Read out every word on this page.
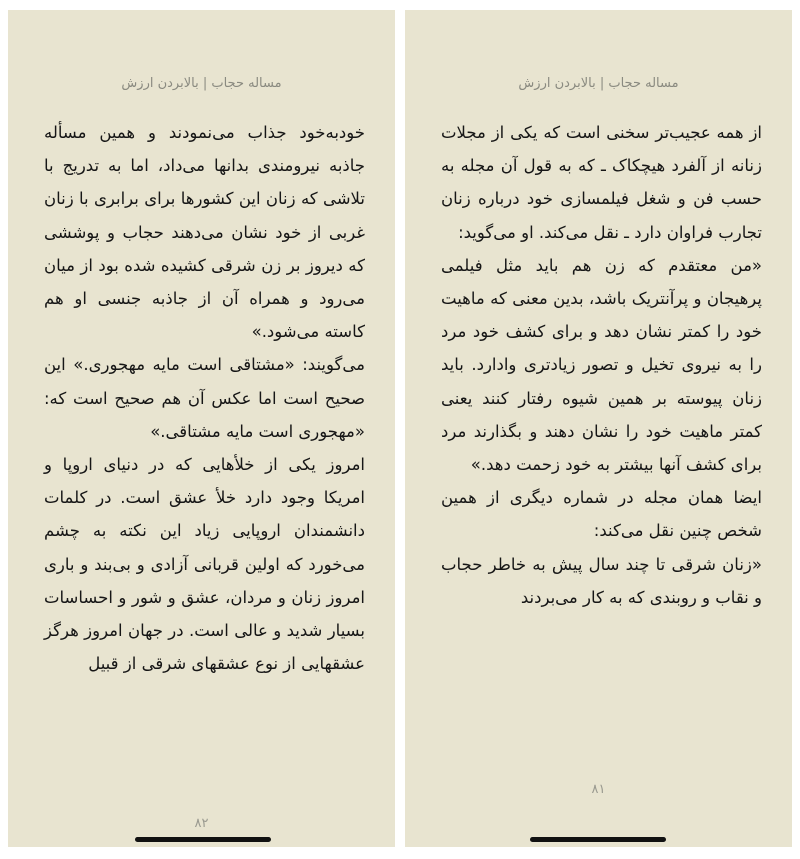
مساله حجاب | بالابردن ارزش

خودبه‌خود جذاب می‌نمودند و همین مسأله جاذبه نیرومندی بدانها می‌داد، اما به تدریج با تلاشی که زنان این کشورها برای برابری با زنان غربی از خود نشان می‌دهند حجاب و پوششی که دیروز بر زن شرقی کشیده شده بود از میان می‌رود و همراه آن از جاذبه جنسی او هم کاسته می‌شود.»

می‌گویند: «مشتاقی است مایه مهجوری.» این صحیح است اما عکس آن هم صحیح است که: «مهجوری است مایه مشتاقی.»

امروز یکی از خلأهایی که در دنیای اروپا و امریکا وجود دارد خلأ عشق است. در کلمات دانشمندان اروپایی زیاد این نکته به چشم می‌خورد که اولین قربانی آزادی و بی‌بند و باری امروز زنان و مردان، عشق و شور و احساسات بسیار شدید و عالی است. در جهان امروز هرگز عشقهایی از نوع عشقهای شرقی از قبیل

۸۲
مساله حجاب | بالابردن ارزش

از همه عجیب‌تر سخنی است که یکی از مجلات زنانه از آلفرد هیچکاک ـ که به قول آن مجله به حسب فن و شغل فیلمسازی خود درباره زنان تجارب فراوان دارد ـ نقل می‌کند. او می‌گوید:

«من معتقدم که زن هم باید مثل فیلمی پرهیجان و پرآنتریک باشد، بدین معنی که ماهیت خود را کمتر نشان دهد و برای کشف خود مرد را به نیروی تخیل و تصور زیادتری وادارد. باید زنان پیوسته بر همین شیوه رفتار کنند یعنی کمتر ماهیت خود را نشان دهند و بگذارند مرد برای کشف آنها بیشتر به خود زحمت دهد.»

ایضا همان مجله در شماره دیگری از همین شخص چنین نقل می‌کند:

«زنان شرقی تا چند سال پیش به خاطر حجاب و نقاب و روبندی که به کار می‌بردند

۸۱
